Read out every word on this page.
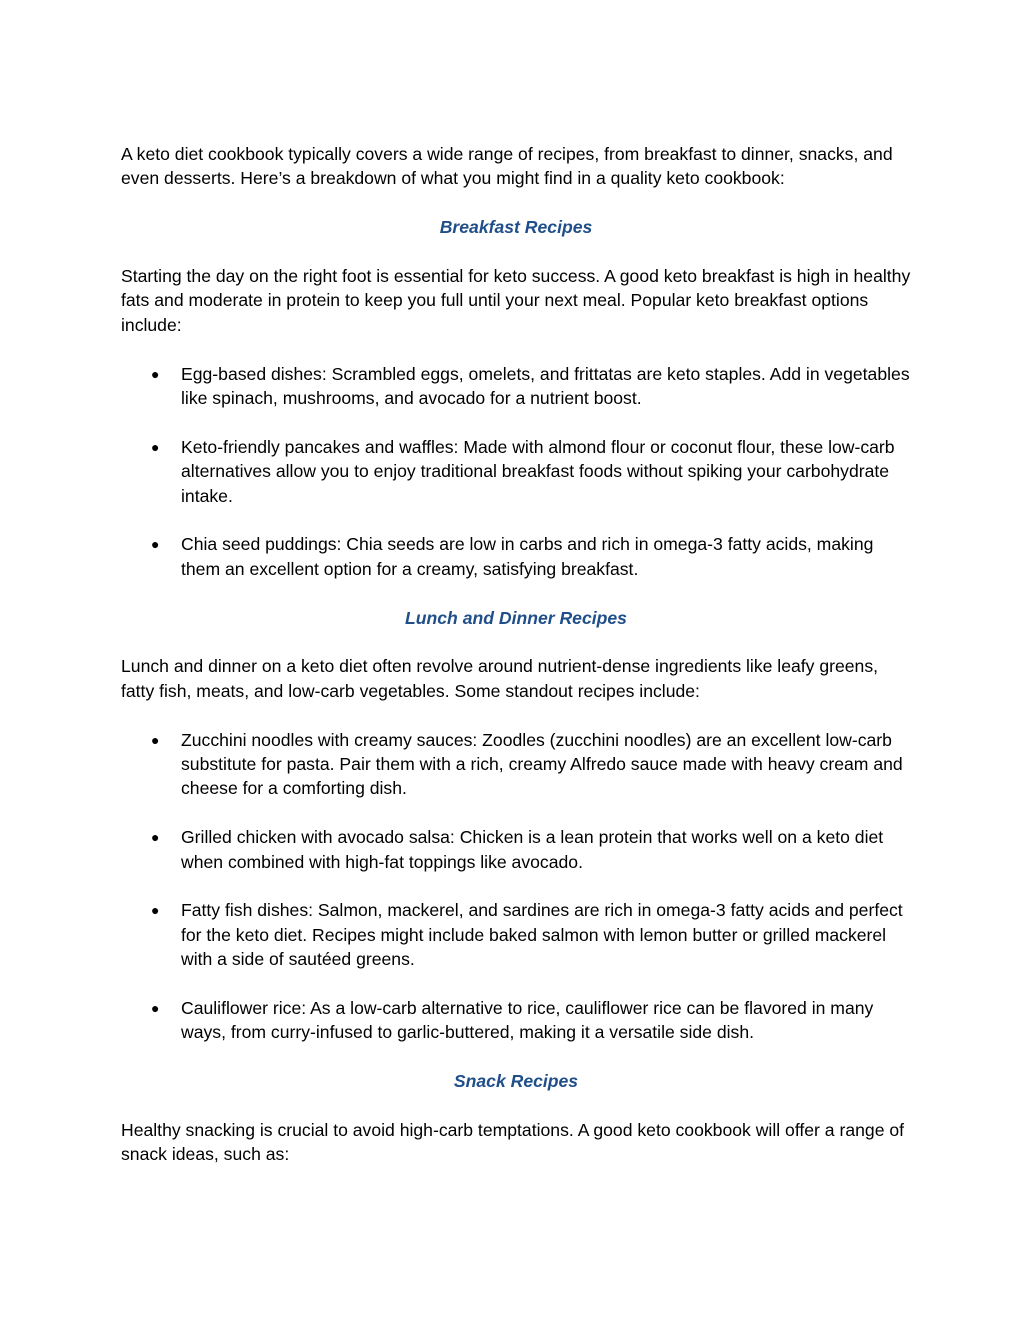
A keto diet cookbook typically covers a wide range of recipes, from breakfast to dinner, snacks, and even desserts. Here’s a breakdown of what you might find in a quality keto cookbook:

Breakfast Recipes

Starting the day on the right foot is essential for keto success. A good keto breakfast is high in healthy fats and moderate in protein to keep you full until your next meal. Popular keto breakfast options include:

● Egg-based dishes: Scrambled eggs, omelets, and frittatas are keto staples. Add in vegetables like spinach, mushrooms, and avocado for a nutrient boost.
● Keto-friendly pancakes and waffles: Made with almond flour or coconut flour, these low-carb alternatives allow you to enjoy traditional breakfast foods without spiking your carbohydrate intake.
● Chia seed puddings: Chia seeds are low in carbs and rich in omega-3 fatty acids, making them an excellent option for a creamy, satisfying breakfast.

Lunch and Dinner Recipes

Lunch and dinner on a keto diet often revolve around nutrient-dense ingredients like leafy greens, fatty fish, meats, and low-carb vegetables. Some standout recipes include:

● Zucchini noodles with creamy sauces: Zoodles (zucchini noodles) are an excellent low-carb substitute for pasta. Pair them with a rich, creamy Alfredo sauce made with heavy cream and cheese for a comforting dish.
● Grilled chicken with avocado salsa: Chicken is a lean protein that works well on a keto diet when combined with high-fat toppings like avocado.
● Fatty fish dishes: Salmon, mackerel, and sardines are rich in omega-3 fatty acids and perfect for the keto diet. Recipes might include baked salmon with lemon butter or grilled mackerel with a side of sautéed greens.
● Cauliflower rice: As a low-carb alternative to rice, cauliflower rice can be flavored in many ways, from curry-infused to garlic-buttered, making it a versatile side dish.

Snack Recipes

Healthy snacking is crucial to avoid high-carb temptations. A good keto cookbook will offer a range of snack ideas, such as:
